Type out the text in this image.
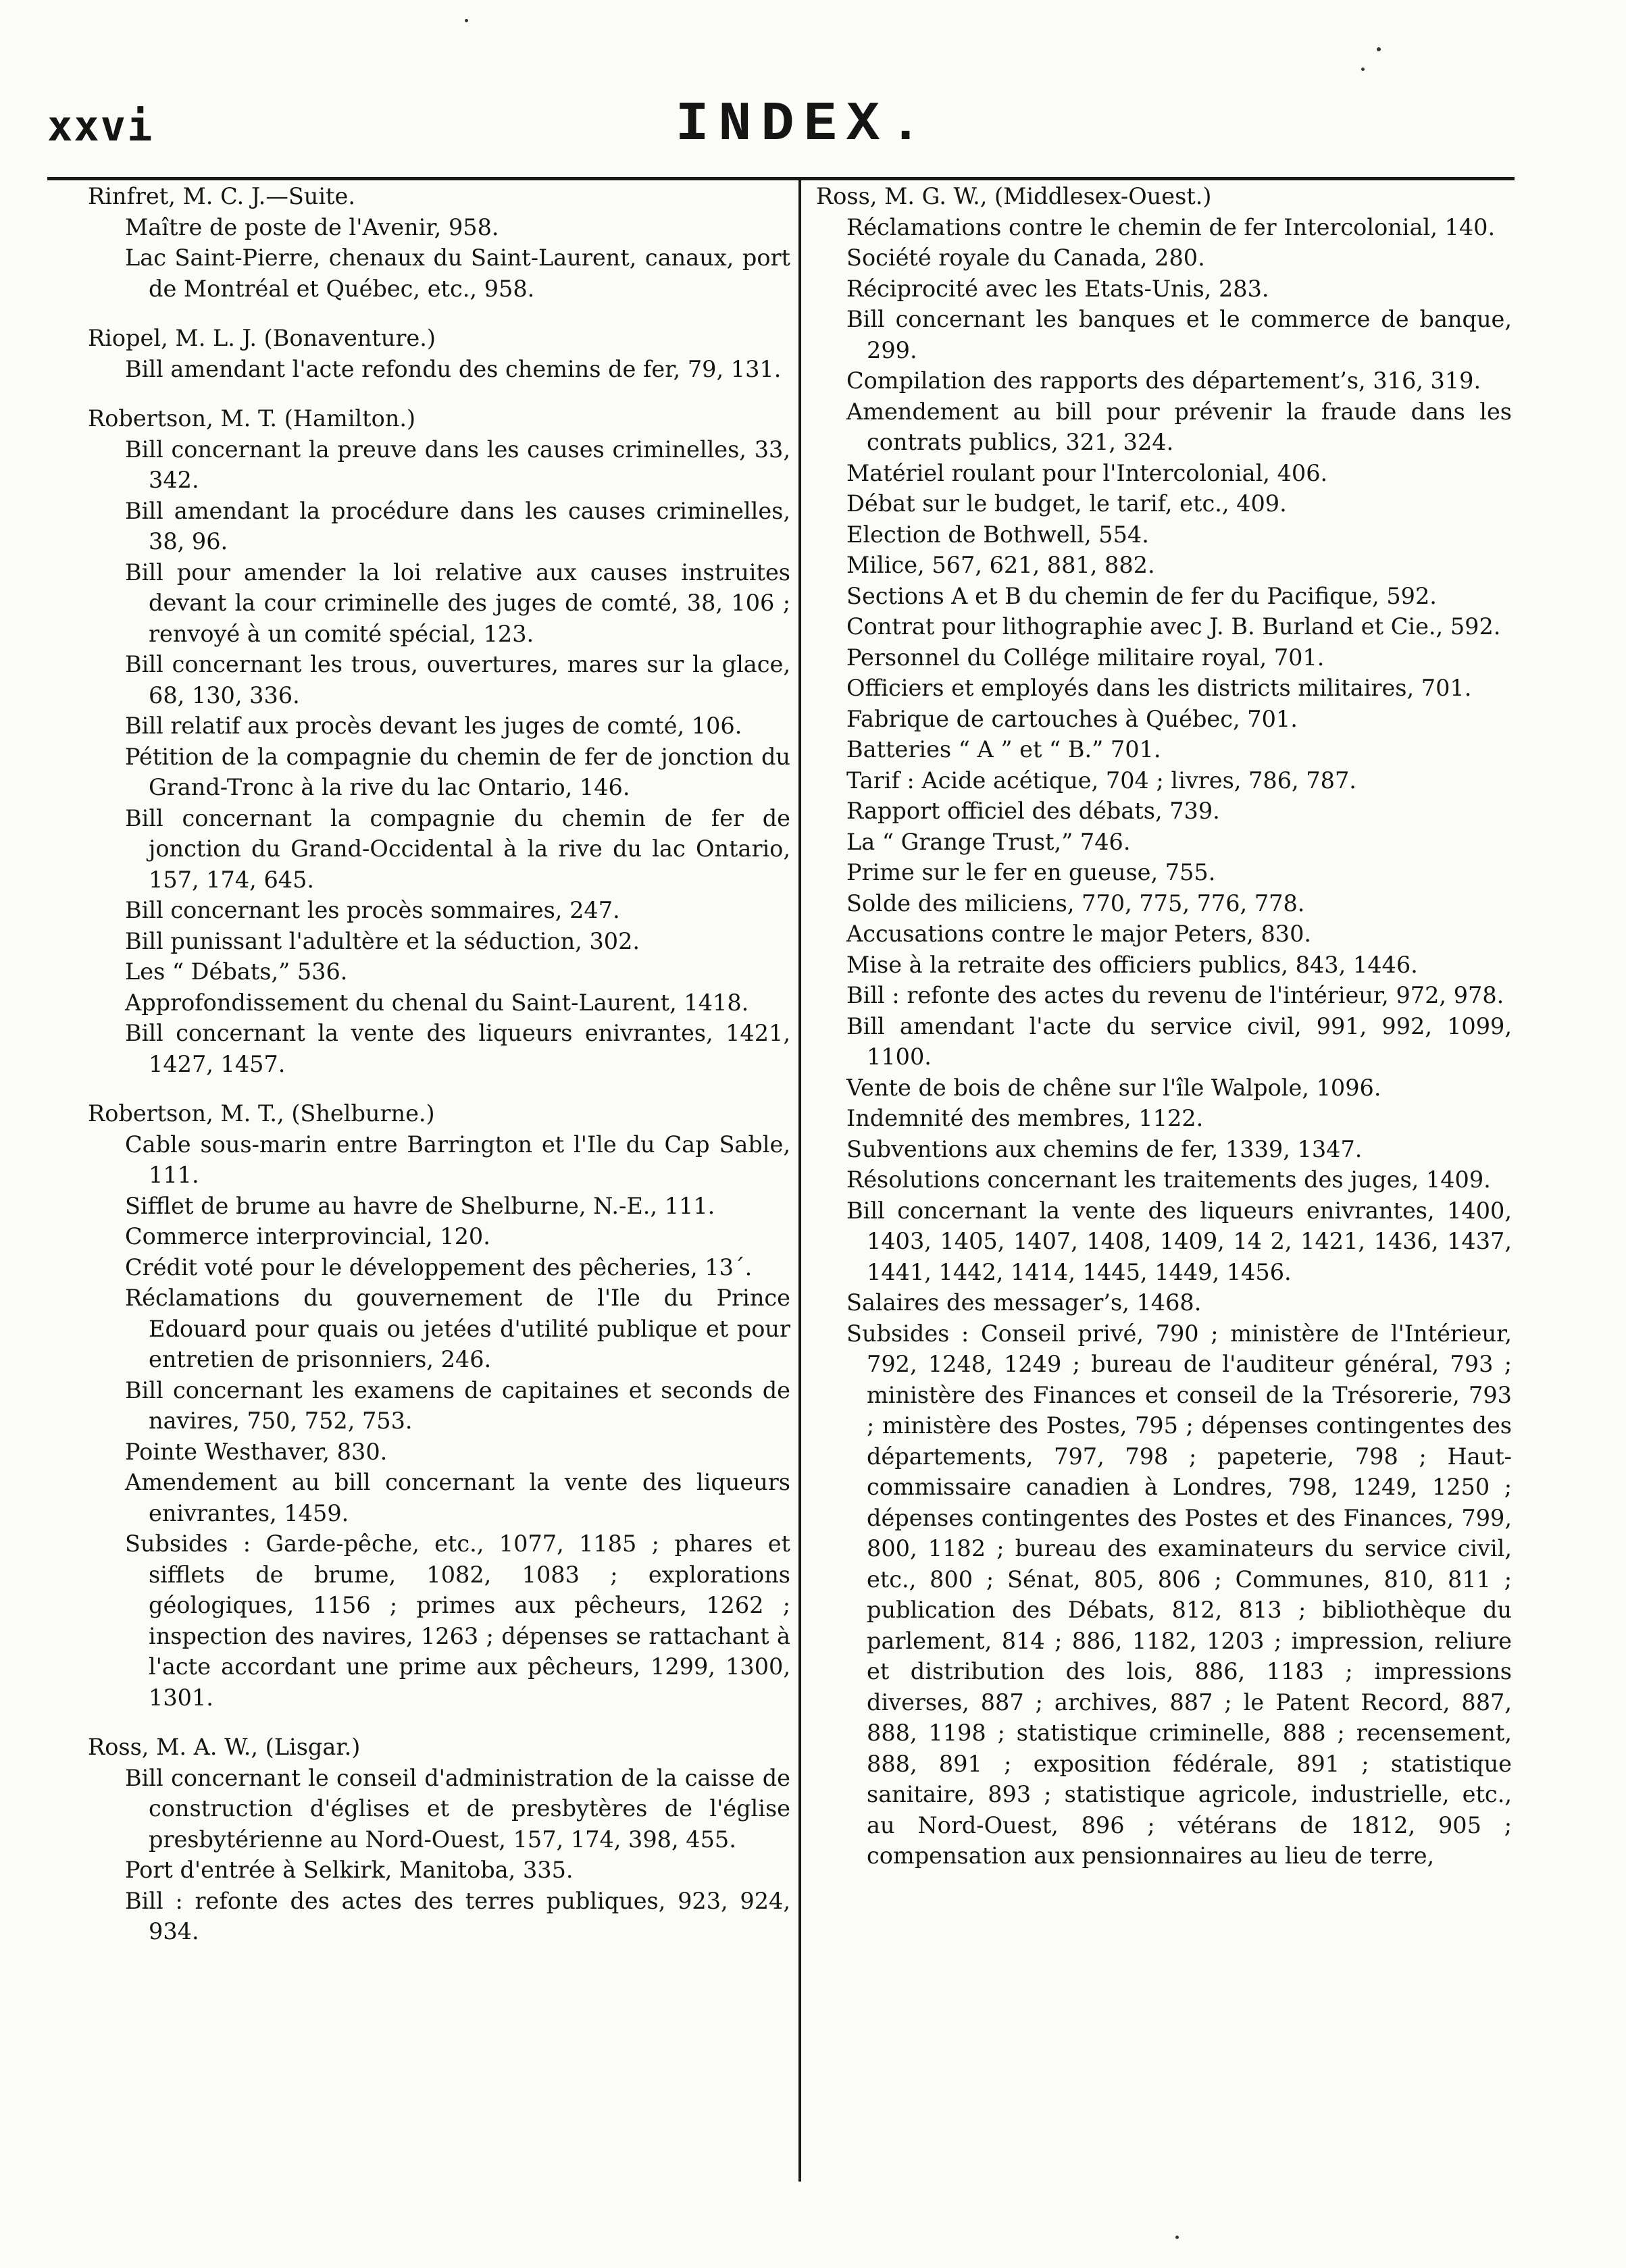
xxvi	INDEX.

Rinfret, M. C. J.—Suite.

Maître de poste de l'Avenir, 958.

Lac Saint-Pierre, chenaux du Saint-Laurent, canaux, port de Montréal et Québec, etc., 958.

Riopel, M. L. J. (Bonaventure.)

Bill amendant l'acte refondu des chemins de fer, 79, 131.

Robertson, M. T. (Hamilton.)

Bill concernant la preuve dans les causes criminelles, 33, 342.

Bill amendant la procédure dans les causes criminelles, 38, 96.

Bill pour amender la loi relative aux causes instruites devant la cour criminelle des juges de comté, 38, 106 ; renvoyé à un comité spécial, 123.

Bill concernant les trous, ouvertures, mares sur la glace, 68, 130, 336.

Bill relatif aux procès devant les juges de comté, 106.

Pétition de la compagnie du chemin de fer de jonction du Grand-Tronc à la rive du lac Ontario, 146.

Bill concernant la compagnie du chemin de fer de jonction du Grand-Occidental à la rive du lac Ontario, 157, 174, 645.

Bill concernant les procès sommaires, 247.

Bill punissant l'adultère et la séduction, 302.

Les “ Débats,” 536.

Approfondissement du chenal du Saint-Laurent, 1418.

Bill concernant la vente des liqueurs enivrantes, 1421, 1427, 1457.

Robertson, M. T., (Shelburne.)

Cable sous-marin entre Barrington et l'Ile du Cap Sable, 111.

Sifflet de brume au havre de Shelburne, N.-E., 111.

Commerce interprovincial, 120.

Crédit voté pour le développement des pêcheries, 13´.

Réclamations du gouvernement de l'Ile du Prince Edouard pour quais ou jetées d'utilité publique et pour entretien de prisonniers, 246.

Bill concernant les examens de capitaines et seconds de navires, 750, 752, 753.

Pointe Westhaver, 830.

Amendement au bill concernant la vente des liqueurs enivrantes, 1459.

Subsides : Garde-pêche, etc., 1077, 1185 ; phares et sifflets de brume, 1082, 1083 ; explorations géologiques, 1156 ; primes aux pêcheurs, 1262 ; inspection des navires, 1263 ; dépenses se rattachant à l'acte accordant une prime aux pêcheurs, 1299, 1300, 1301.

Ross, M. A. W., (Lisgar.)

Bill concernant le conseil d'administration de la caisse de construction d'églises et de presbytères de l'église presbytérienne au Nord-Ouest, 157, 174, 398, 455.

Port d'entrée à Selkirk, Manitoba, 335.

Bill : refonte des actes des terres publiques, 923, 924, 934.

Ross, M. G. W., (Middlesex-Ouest.)

Réclamations contre le chemin de fer Intercolonial, 140.

Société royale du Canada, 280.

Réciprocité avec les Etats-Unis, 283.

Bill concernant les banques et le commerce de banque, 299.

Compilation des rapports des département’s, 316, 319.

Amendement au bill pour prévenir la fraude dans les contrats publics, 321, 324.

Matériel roulant pour l'Intercolonial, 406.

Débat sur le budget, le tarif, etc., 409.

Election de Bothwell, 554.

Milice, 567, 621, 881, 882.

Sections A et B du chemin de fer du Pacifique, 592.

Contrat pour lithographie avec J. B. Burland et Cie., 592.

Personnel du Collége militaire royal, 701.

Officiers et employés dans les districts militaires, 701.

Fabrique de cartouches à Québec, 701.

Batteries “ A ” et “ B.” 701.

Tarif : Acide acétique, 704 ; livres, 786, 787.

Rapport officiel des débats, 739.

La “ Grange Trust,” 746.

Prime sur le fer en gueuse, 755.

Solde des miliciens, 770, 775, 776, 778.

Accusations contre le major Peters, 830.

Mise à la retraite des officiers publics, 843, 1446.

Bill : refonte des actes du revenu de l'intérieur, 972, 978.

Bill amendant l'acte du service civil, 991, 992, 1099, 1100.

Vente de bois de chêne sur l'île Walpole, 1096.

Indemnité des membres, 1122.

Subventions aux chemins de fer, 1339, 1347.

Résolutions concernant les traitements des juges, 1409.

Bill concernant la vente des liqueurs enivrantes, 1400, 1403, 1405, 1407, 1408, 1409, 14 2, 1421, 1436, 1437, 1441, 1442, 1414, 1445, 1449, 1456.

Salaires des messager’s, 1468.

Subsides : Conseil privé, 790 ; ministère de l'Intérieur, 792, 1248, 1249 ; bureau de l'auditeur général, 793 ; ministère des Finances et conseil de la Trésorerie, 793 ; ministère des Postes, 795 ; dépenses contingentes des départements, 797, 798 ; papeterie, 798 ; Haut-commissaire canadien à Londres, 798, 1249, 1250 ; dépenses contingentes des Postes et des Finances, 799, 800, 1182 ; bureau des examinateurs du service civil, etc., 800 ; Sénat, 805, 806 ; Communes, 810, 811 ; publication des Débats, 812, 813 ; bibliothèque du parlement, 814 ; 886, 1182, 1203 ; impression, reliure et distribution des lois, 886, 1183 ; impressions diverses, 887 ; archives, 887 ; le Patent Record, 887, 888, 1198 ; statistique criminelle, 888 ; recensement, 888, 891 ; exposition fédérale, 891 ; statistique sanitaire, 893 ; statistique agricole, industrielle, etc., au Nord-Ouest, 896 ; vétérans de 1812, 905 ; compensation aux pensionnaires au lieu de terre,
